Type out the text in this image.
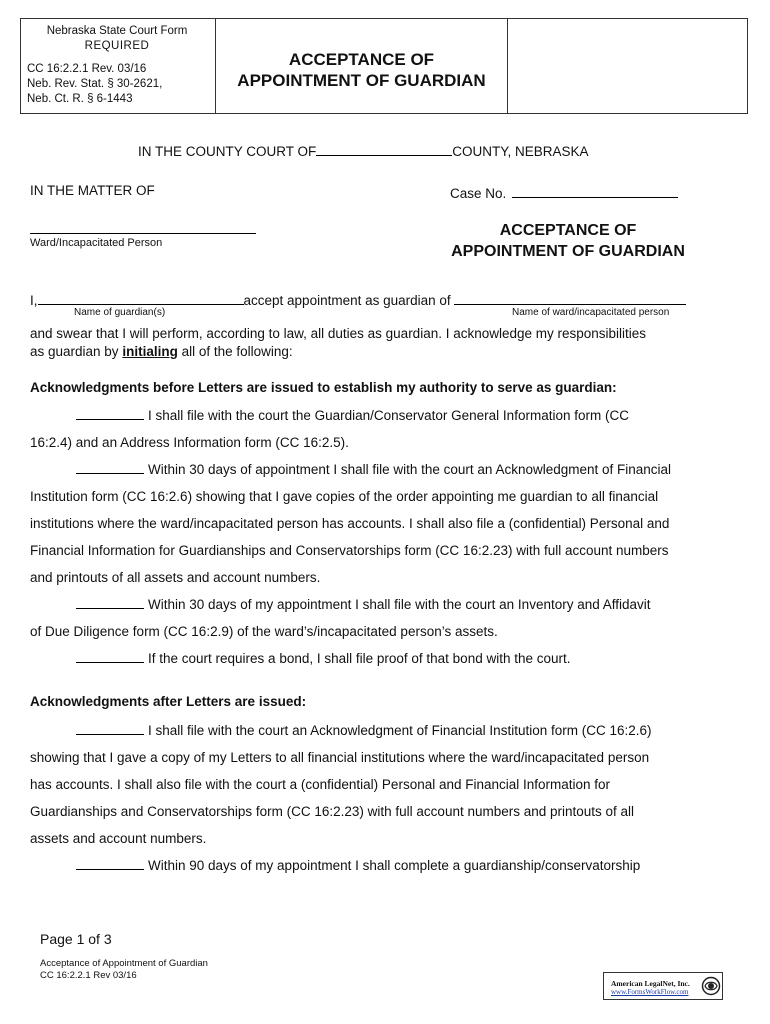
Nebraska State Court Form
REQUIRED
CC 16:2.2.1 Rev. 03/16
Neb. Rev. Stat. § 30-2621,
Neb. Ct. R. § 6-1443
ACCEPTANCE OF
APPOINTMENT OF GUARDIAN
IN THE COUNTY COURT OF	COUNTY, NEBRASKA
IN THE MATTER OF	Case No.
Ward/Incapacitated Person
ACCEPTANCE OF
APPOINTMENT OF GUARDIAN
I,	accept appointment as guardian of
Name of guardian(s)	Name of ward/incapacitated person
and swear that I will perform, according to law, all duties as guardian. I acknowledge my responsibilities
as guardian by initialing all of the following:
Acknowledgments before Letters are issued to establish my authority to serve as guardian:
I shall file with the court the Guardian/Conservator General Information form (CC
16:2.4) and an Address Information form (CC 16:2.5).
Within 30 days of appointment I shall file with the court an Acknowledgment of Financial
Institution form (CC 16:2.6) showing that I gave copies of the order appointing me guardian to all financial
institutions where the ward/incapacitated person has accounts. I shall also file a (confidential) Personal and
Financial Information for Guardianships and Conservatorships form (CC 16:2.23) with full account numbers
and printouts of all assets and account numbers.
Within 30 days of my appointment I shall file with the court an Inventory and Affidavit
of Due Diligence form (CC 16:2.9) of the ward’s/incapacitated person’s assets.
If the court requires a bond, I shall file proof of that bond with the court.
Acknowledgments after Letters are issued:
I shall file with the court an Acknowledgment of Financial Institution form (CC 16:2.6)
showing that I gave a copy of my Letters to all financial institutions where the ward/incapacitated person
has accounts. I shall also file with the court a (confidential) Personal and Financial Information for
Guardianships and Conservatorships form (CC 16:2.23) with full account numbers and printouts of all
assets and account numbers.
Within 90 days of my appointment I shall complete a guardianship/conservatorship
Page 1 of 3
Acceptance of Appointment of Guardian
CC 16:2.2.1 Rev 03/16
American LegalNet, Inc.
www.FormsWorkFlow.com
